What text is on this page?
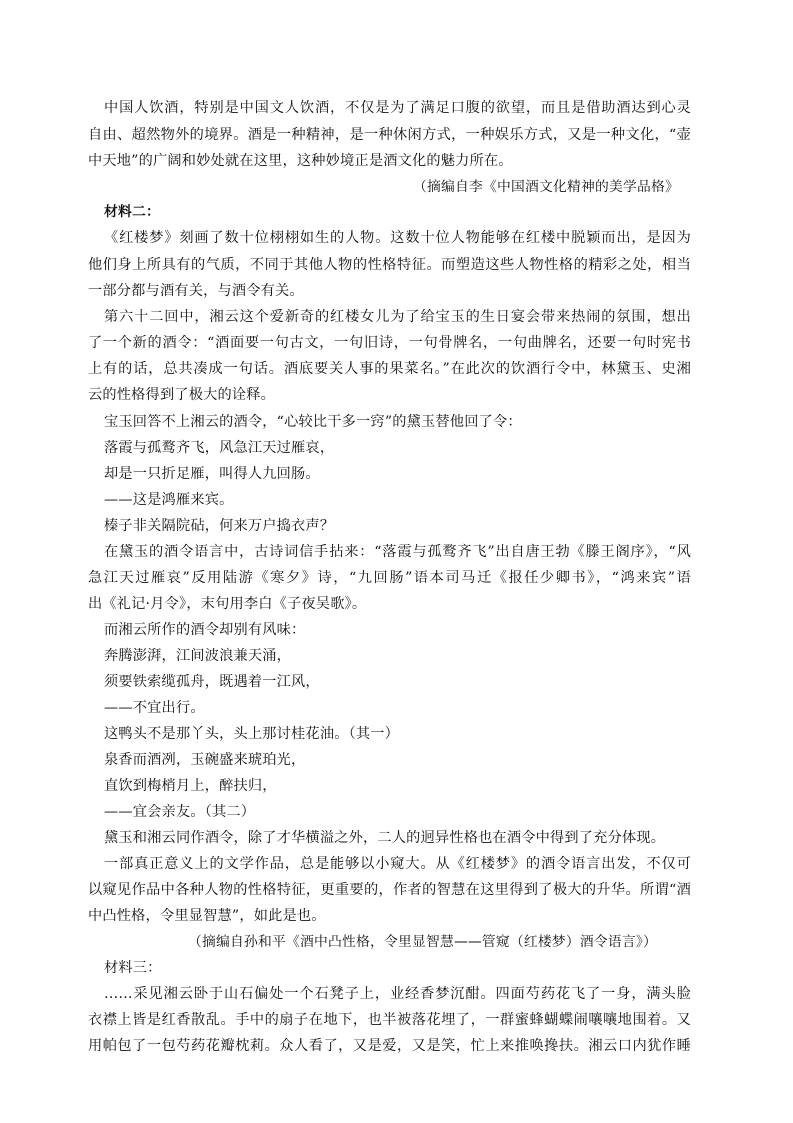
中国人饮酒，特别是中国文人饮酒，不仅是为了满足口腹的欲望，而且是借助酒达到心灵
自由、超然物外的境界。酒是一种精神，是一种休闲方式，一种娱乐方式，又是一种文化，“壶
中天地”的广阔和妙处就在这里，这种妙境正是酒文化的魅力所在。
（摘编自李《中国酒文化精神的美学品格》
材料二：
《红楼梦》刻画了数十位栩栩如生的人物。这数十位人物能够在红楼中脱颖而出，是因为
他们身上所具有的气质，不同于其他人物的性格特征。而塑造这些人物性格的精彩之处，相当
一部分都与酒有关，与酒令有关。
第六十二回中，湘云这个爱新奇的红楼女儿为了给宝玉的生日宴会带来热闹的氛围，想出
了一个新的酒令：“酒面要一句古文，一句旧诗，一句骨牌名，一句曲牌名，还要一句时宪书
上有的话，总共凑成一句话。酒底要关人事的果菜名。”在此次的饮酒行令中，林黛玉、史湘
云的性格得到了极大的诠释。
宝玉回答不上湘云的酒令，“心较比干多一窍”的黛玉替他回了令：
落霞与孤鹜齐飞，风急江天过雁哀，
却是一只折足雁，叫得人九回肠。
——这是鸿雁来宾。
榛子非关隔院砧，何来万户捣衣声？
在黛玉的酒令语言中，古诗词信手拈来：“落霞与孤鹜齐飞”出自唐王勃《滕王阁序》，“风
急江天过雁哀”反用陆游《寒夕》诗，“九回肠”语本司马迁《报任少卿书》，“鸿来宾”语
出《礼记·月令》，末句用李白《子夜吴歌》。
而湘云所作的酒令却别有风味：
奔腾澎湃，江间波浪兼天涌，
须要铁索缆孤舟，既遇着一江风，
——不宜出行。
这鸭头不是那丫头，头上那讨桂花油。（其一）
泉香而酒冽，玉碗盛来琥珀光，
直饮到梅梢月上，醉扶归，
——宜会亲友。（其二）
黛玉和湘云同作酒令，除了才华横溢之外，二人的迥异性格也在酒令中得到了充分体现。
一部真正意义上的文学作品，总是能够以小窥大。从《红楼梦》的酒令语言出发，不仅可
以窥见作品中各种人物的性格特征，更重要的，作者的智慧在这里得到了极大的升华。所谓“酒
中凸性格，令里显智慧”，如此是也。
（摘编自孙和平《酒中凸性格，令里显智慧——管窥（红楼梦）酒令语言》）
材料三：
……采见湘云卧于山石偏处一个石凳子上，业经香梦沉酣。四面芍药花飞了一身，满头脸
衣襟上皆是红香散乱。手中的扇子在地下，也半被落花埋了，一群蜜蜂蝴蝶闹嚷嚷地围着。又
用帕包了一包芍药花瓣枕莉。众人看了，又是爱，又是笑，忙上来推唤搀扶。湘云口内犹作睡
